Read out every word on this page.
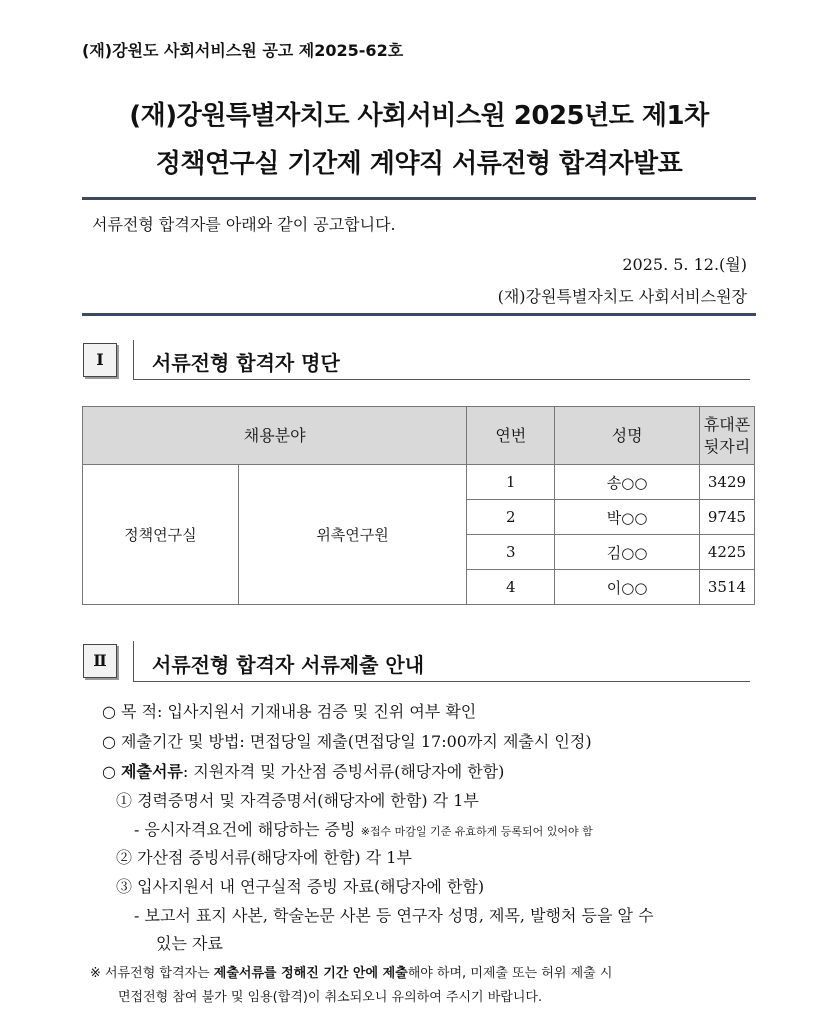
(재)강원도 사회서비스원 공고 제2025-62호
(재)강원특별자치도 사회서비스원 2025년도 제1차
정책연구실 기간제 계약직 서류전형 합격자발표
서류전형 합격자를 아래와 같이 공고합니다.
2025. 5. 12.(월)
(재)강원특별자치도 사회서비스원장
Ⅰ	서류전형 합격자 명단
채용분야		연번	성명	휴대폰
뒷자리
정책연구실	위촉연구원	1	송○○	3429
		2	박○○	9745
		3	김○○	4225
		4	이○○	3514
Ⅱ	서류전형 합격자 서류제출 안내
○ 목 적: 입사지원서 기재내용 검증 및 진위 여부 확인
○ 제출기간 및 방법: 면접당일 제출(면접당일 17:00까지 제출시 인정)
○ 제출서류: 지원자격 및 가산점 증빙서류(해당자에 한함)
① 경력증명서 및 자격증명서(해당자에 한함) 각 1부
- 응시자격요건에 해당하는 증빙 ※접수 마감일 기준 유효하게 등록되어 있어야 함
② 가산점 증빙서류(해당자에 한함) 각 1부
③ 입사지원서 내 연구실적 증빙 자료(해당자에 한함)
- 보고서 표지 사본, 학술논문 사본 등 연구자 성명, 제목, 발행처 등을 알 수
있는 자료
※ 서류전형 합격자는 제출서류를 정해진 기간 안에 제출해야 하며, 미제출 또는 허위 제출 시
면접전형 참여 불가 및 임용(합격)이 취소되오니 유의하여 주시기 바랍니다.
